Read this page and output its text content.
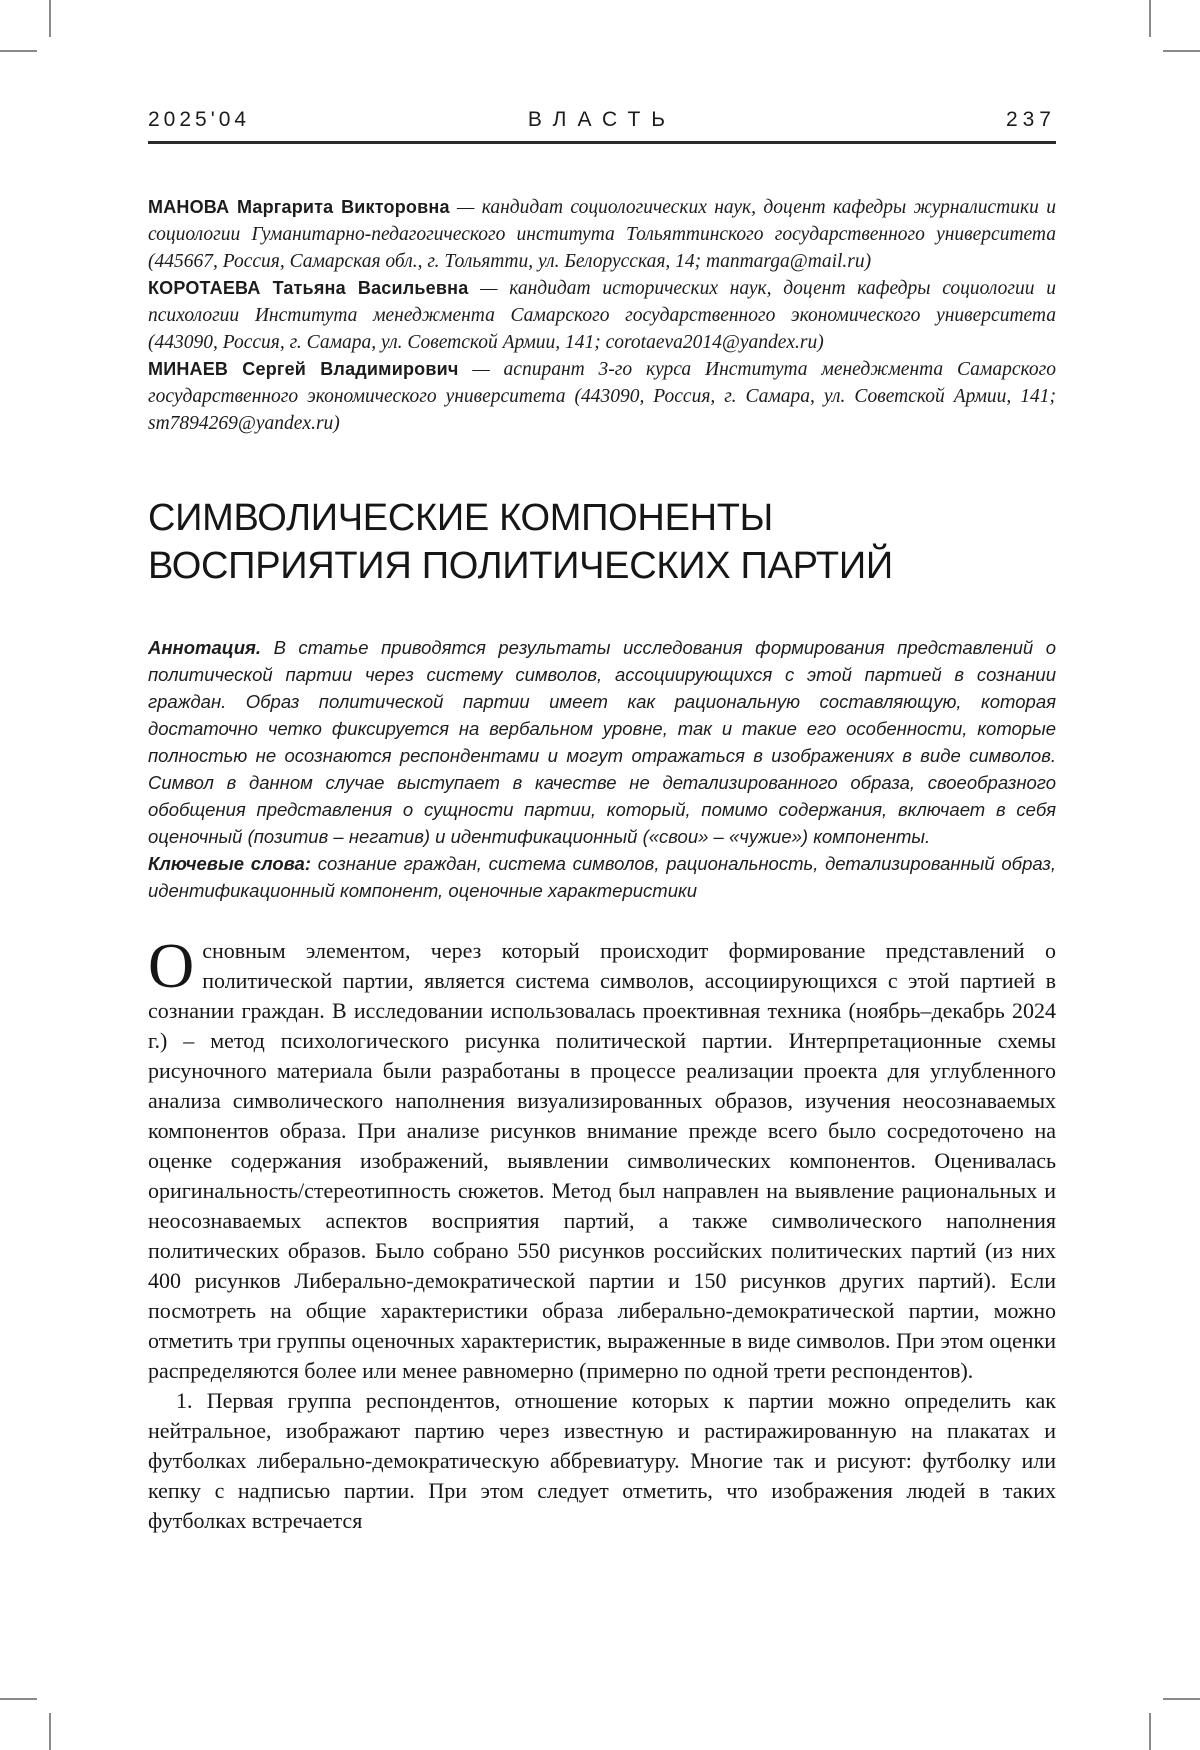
2025'04	ВЛАСТЬ	237

МАНОВА Маргарита Викторовна — кандидат социологических наук, доцент кафедры журналистики и социологии Гуманитарно-педагогического института Тольяттинского государственного университета (445667, Россия, Самарская обл., г. Тольятти, ул. Белорусская, 14; manmarga@mail.ru)

КОРОТАЕВА Татьяна Васильевна — кандидат исторических наук, доцент кафедры социологии и психологии Института менеджмента Самарского государственного экономического университета (443090, Россия, г. Самара, ул. Советской Армии, 141; corotaeva2014@yandex.ru)

МИНАЕВ Сергей Владимирович — аспирант 3-го курса Института менеджмента Самарского государственного экономического университета (443090, Россия, г. Самара, ул. Советской Армии, 141; sm7894269@yandex.ru)

СИМВОЛИЧЕСКИЕ КОМПОНЕНТЫ
ВОСПРИЯТИЯ ПОЛИТИЧЕСКИХ ПАРТИЙ

Аннотация. В статье приводятся результаты исследования формирования представлений о политической партии через систему символов, ассоциирующихся с этой партией в сознании граждан. Образ политической партии имеет как рациональную составляющую, которая достаточно четко фиксируется на вербальном уровне, так и такие его особенности, которые полностью не осознаются респондентами и могут отражаться в изображениях в виде символов. Символ в данном случае выступает в качестве не детализированного образа, своеобразного обобщения представления о сущности партии, который, помимо содержания, включает в себя оценочный (позитив – негатив) и идентификационный («свои» – «чужие») компоненты.

Ключевые слова: сознание граждан, система символов, рациональность, детализированный образ, идентификационный компонент, оценочные характеристики

Основным элементом, через который происходит формирование представлений о политической партии, является система символов, ассоциирующихся с этой партией в сознании граждан. В исследовании использовалась проективная техника (ноябрь–декабрь 2024 г.) – метод психологического рисунка политической партии. Интерпретационные схемы рисуночного материала были разработаны в процессе реализации проекта для углубленного анализа символического наполнения визуализированных образов, изучения неосознаваемых компонентов образа. При анализе рисунков внимание прежде всего было сосредоточено на оценке содержания изображений, выявлении символических компонентов. Оценивалась оригинальность/стереотипность сюжетов. Метод был направлен на выявление рациональных и неосознаваемых аспектов восприятия партий, а также символического наполнения политических образов. Было собрано 550 рисунков российских политических партий (из них 400 рисунков Либерально-демократической партии и 150 рисунков других партий). Если посмотреть на общие характеристики образа либерально-демократической партии, можно отметить три группы оценочных характеристик, выраженные в виде символов. При этом оценки распределяются более или менее равномерно (примерно по одной трети респондентов).

1. Первая группа респондентов, отношение которых к партии можно определить как нейтральное, изображают партию через известную и растиражированную на плакатах и футболках либерально-демократическую аббревиатуру. Многие так и рисуют: футболку или кепку с надписью партии. При этом следует отметить, что изображения людей в таких футболках встречается
